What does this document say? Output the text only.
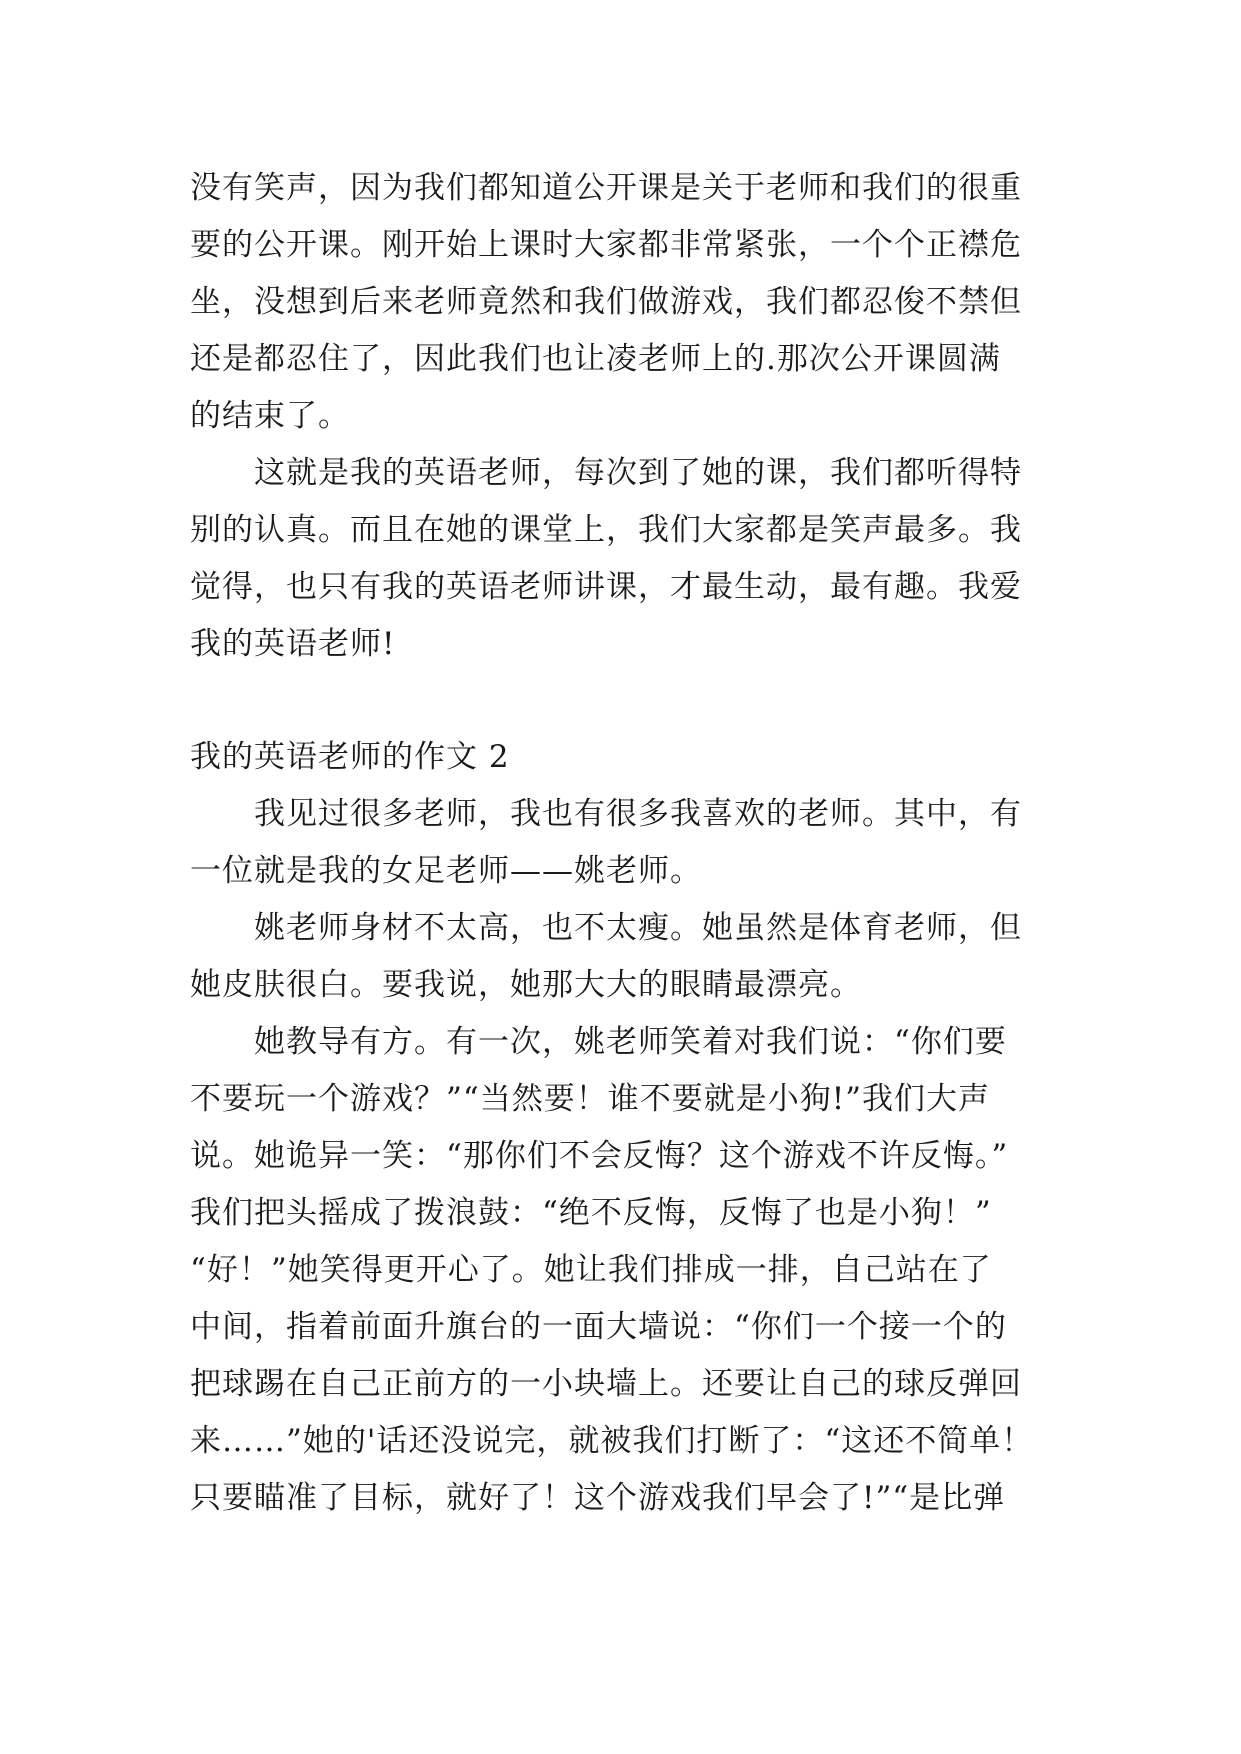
没有笑声，因为我们都知道公开课是关于老师和我们的很重
要的公开课。刚开始上课时大家都非常紧张，一个个正襟危
坐，没想到后来老师竟然和我们做游戏，我们都忍俊不禁但
还是都忍住了，因此我们也让凌老师上的.那次公开课圆满
的结束了。
这就是我的英语老师，每次到了她的课，我们都听得特
别的认真。而且在她的课堂上，我们大家都是笑声最多。我
觉得，也只有我的英语老师讲课，才最生动，最有趣。我爱
我的英语老师!
我的英语老师的作文 2
我见过很多老师，我也有很多我喜欢的老师。其中，有
一位就是我的女足老师——姚老师。
姚老师身材不太高，也不太瘦。她虽然是体育老师，但
她皮肤很白。要我说，她那大大的眼睛最漂亮。
她教导有方。有一次，姚老师笑着对我们说：“你们要
不要玩一个游戏？”“当然要！谁不要就是小狗!”我们大声
说。她诡异一笑：“那你们不会反悔？这个游戏不许反悔。”
我们把头摇成了拨浪鼓：“绝不反悔，反悔了也是小狗！”
“好！”她笑得更开心了。她让我们排成一排，自己站在了
中间，指着前面升旗台的一面大墙说：“你们一个接一个的
把球踢在自己正前方的一小块墙上。还要让自己的球反弹回
来……”她的'话还没说完，就被我们打断了：“这还不简单！
只要瞄准了目标，就好了！这个游戏我们早会了!”“是比弹
